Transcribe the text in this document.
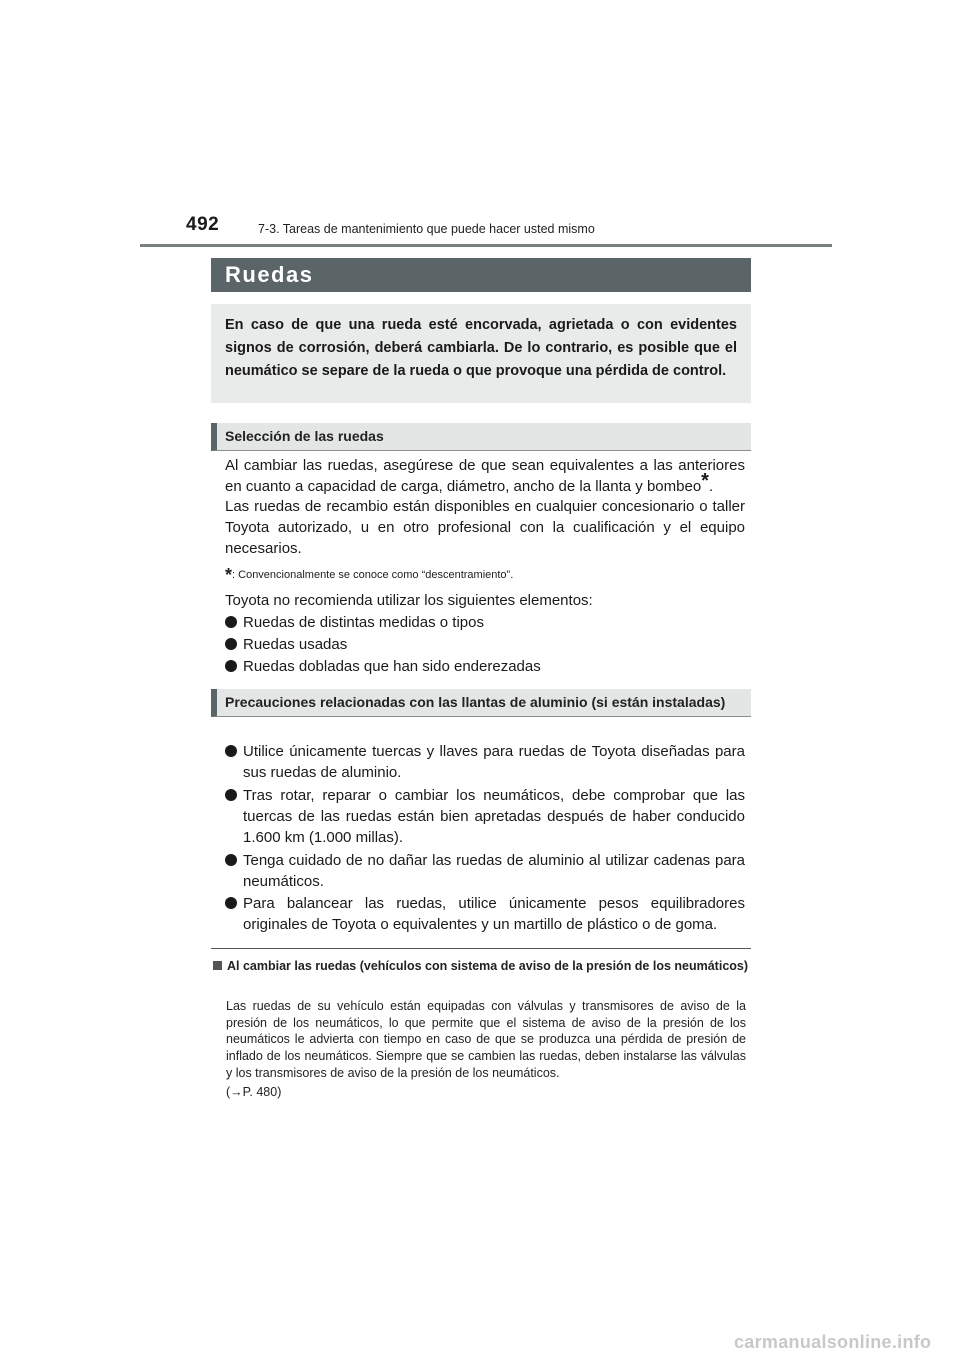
492	7-3. Tareas de mantenimiento que puede hacer usted mismo
Ruedas
En caso de que una rueda esté encorvada, agrietada o con evidentes signos de corrosión, deberá cambiarla. De lo contrario, es posible que el neumático se separe de la rueda o que provoque una pérdida de control.
Selección de las ruedas
Al cambiar las ruedas, asegúrese de que sean equivalentes a las anteriores en cuanto a capacidad de carga, diámetro, ancho de la llanta y bombeo*.
Las ruedas de recambio están disponibles en cualquier concesionario o taller Toyota autorizado, u en otro profesional con la cualificación y el equipo necesarios.
*: Convencionalmente se conoce como “descentramiento”.
Toyota no recomienda utilizar los siguientes elementos:
Ruedas de distintas medidas o tipos
Ruedas usadas
Ruedas dobladas que han sido enderezadas
Precauciones relacionadas con las llantas de aluminio (si están instaladas)
Utilice únicamente tuercas y llaves para ruedas de Toyota diseñadas para sus ruedas de aluminio.
Tras rotar, reparar o cambiar los neumáticos, debe comprobar que las tuercas de las ruedas están bien apretadas después de haber conducido 1.600 km (1.000 millas).
Tenga cuidado de no dañar las ruedas de aluminio al utilizar cadenas para neumáticos.
Para balancear las ruedas, utilice únicamente pesos equilibradores originales de Toyota o equivalentes y un martillo de plástico o de goma.
Al cambiar las ruedas (vehículos con sistema de aviso de la presión de los neumáticos)
Las ruedas de su vehículo están equipadas con válvulas y transmisores de aviso de la presión de los neumáticos, lo que permite que el sistema de aviso de la presión de los neumáticos le advierta con tiempo en caso de que se produzca una pérdida de presión de inflado de los neumáticos. Siempre que se cambien las ruedas, deben instalarse las válvulas y los transmisores de aviso de la presión de los neumáticos.
(→P. 480)
carmanualsonline.info
